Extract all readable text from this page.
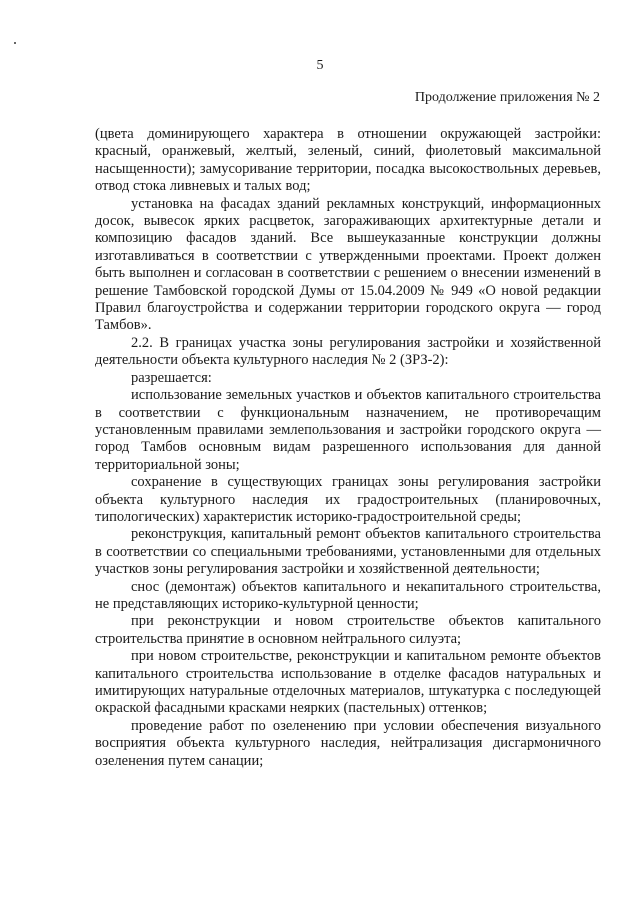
5
Продолжение приложения № 2

(цвета доминирующего характера в отношении окружающей застройки: красный, оранжевый, желтый, зеленый, синий, фиолетовый максимальной насыщенности); замусоривание территории, посадка высокоствольных деревьев, отвод стока ливневых и талых вод;

установка на фасадах зданий рекламных конструкций, информационных досок, вывесок ярких расцветок, загораживающих архитектурные детали и композицию фасадов зданий. Все вышеуказанные конструкции должны изготавливаться в соответствии с утвержденными проектами. Проект должен быть выполнен и согласован в соответствии с решением о внесении изменений в решение Тамбовской городской Думы от 15.04.2009 № 949 «О новой редакции Правил благоустройства и содержании территории городского округа — город Тамбов».

2.2. В границах участка зоны регулирования застройки и хозяйственной деятельности объекта культурного наследия № 2 (ЗРЗ-2):

разрешается:

использование земельных участков и объектов капитального строительства в соответствии с функциональным назначением, не противоречащим установленным правилами землепользования и застройки городского округа — город Тамбов основным видам разрешенного использования для данной территориальной зоны;

сохранение в существующих границах зоны регулирования застройки объекта культурного наследия их градостроительных (планировочных, типологических) характеристик историко-градостроительной среды;

реконструкция, капитальный ремонт объектов капитального строительства в соответствии со специальными требованиями, установленными для отдельных участков зоны регулирования застройки и хозяйственной деятельности;

снос (демонтаж) объектов капитального и некапитального строительства, не представляющих историко-культурной ценности;

при реконструкции и новом строительстве объектов капитального строительства принятие в основном нейтрального силуэта;

при новом строительстве, реконструкции и капитальном ремонте объектов капитального строительства использование в отделке фасадов натуральных и имитирующих натуральные отделочных материалов, штукатурка с последующей окраской фасадными красками неярких (пастельных) оттенков;

проведение работ по озеленению при условии обеспечения визуального восприятия объекта культурного наследия, нейтрализация дисгармоничного озеленения путем санации;
